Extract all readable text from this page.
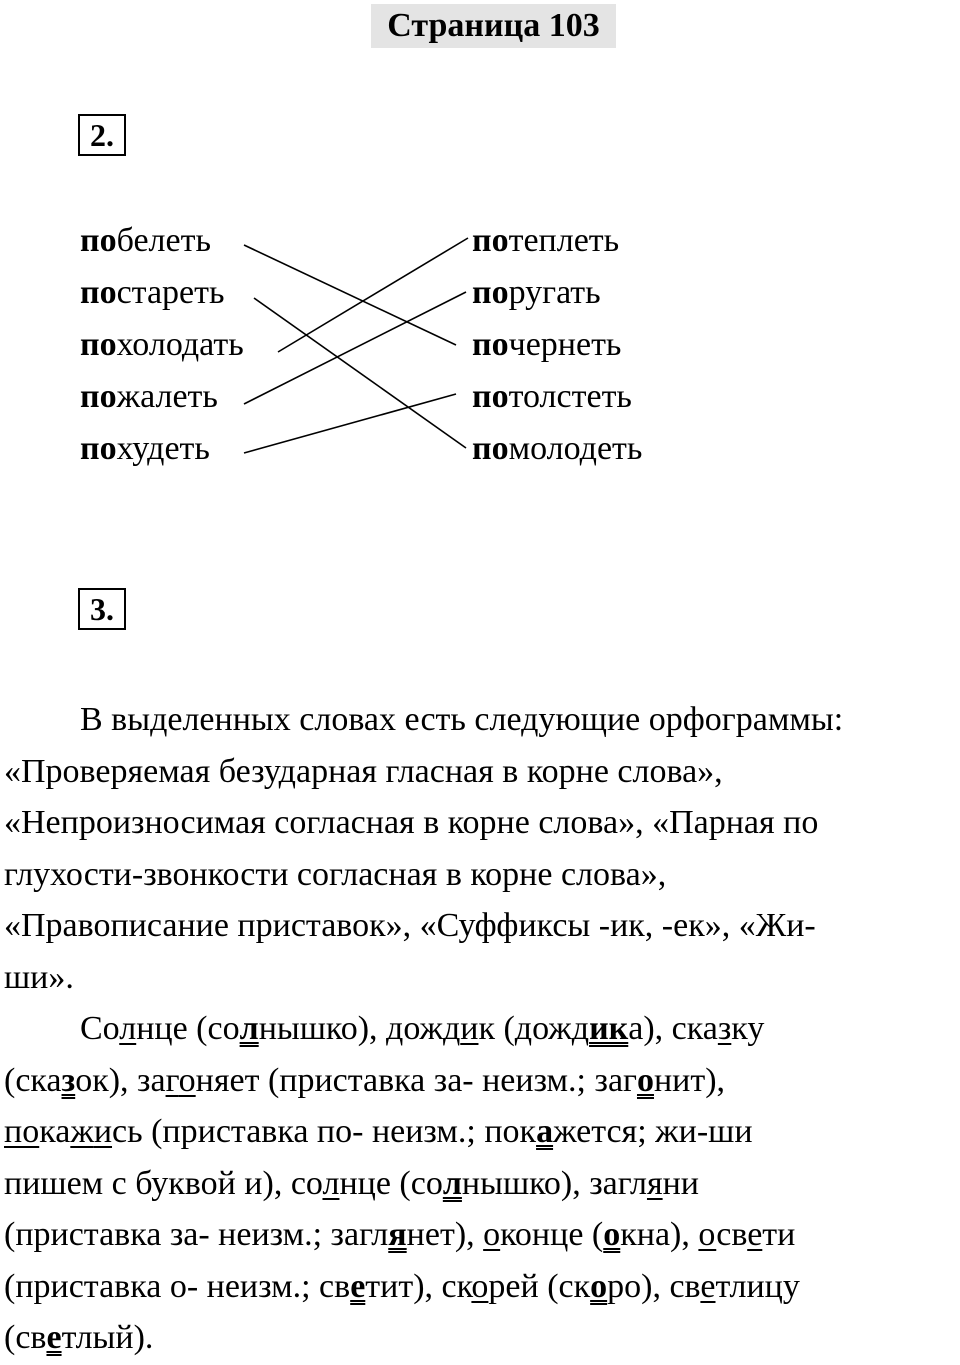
Страница 103
2.
побелеть
постареть
похолодать
пожалеть
похудеть
потеплеть
поругать
почернеть
потолстеть
помолодеть
3.
В выделенных словах есть следующие орфограммы:
«Проверяемая безударная гласная в корне слова»,
«Непроизносимая согласная в корне слова», «Парная по
глухости-звонкости согласная в корне слова»,
«Правописание приставок», «Суффиксы -ик, -ек», «Жи-
ши».
Солнце (солнышко), дождик (дождика), сказку
(сказок), загоняет (приставка за- неизм.; загонит),
покажись (приставка по- неизм.; покажется; жи-ши
пишем с буквой и), солнце (солнышко), загляни
(приставка за- неизм.; заглянет), оконце (окна), освети
(приставка о- неизм.; светит), скорей (скоро), светлицу
(светлый).
